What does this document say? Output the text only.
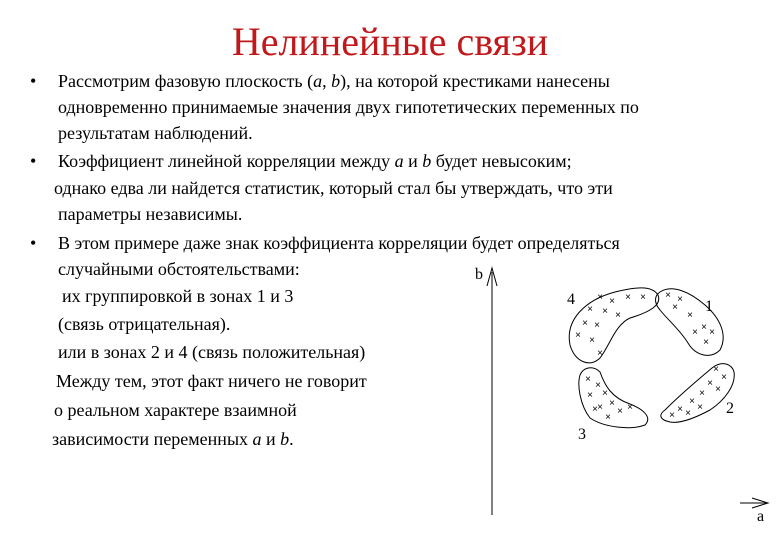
Нелинейные связи
• Рассмотрим фазовую плоскость (a, b), на которой крестиками нанесены
одновременно принимаемые значения двух гипотетических переменных по
результатам наблюдений.
• Коэффициент линейной корреляции между a и b будет невысоким;
однако едва ли найдется статистик, который стал бы утверждать, что эти
параметры независимы.
• В этом примере даже знак коэффициента корреляции будет определяться
случайными обстоятельствами:
их группировкой в зонах 1 и 3
(связь отрицательная).
или в зонах 2 и 4 (связь положительная)
Между тем, этот факт ничего не говорит
о реальном характере взаимной
зависимости переменных a и b.
b
a
4	1
3
2
× × × ×
× × ×
× ×
× ×
×
× ×
×
×
× ×
×
×
×
×
×
×
× ×
× ×
×
×
×
×
×
× ×
×
×
×
× ×
